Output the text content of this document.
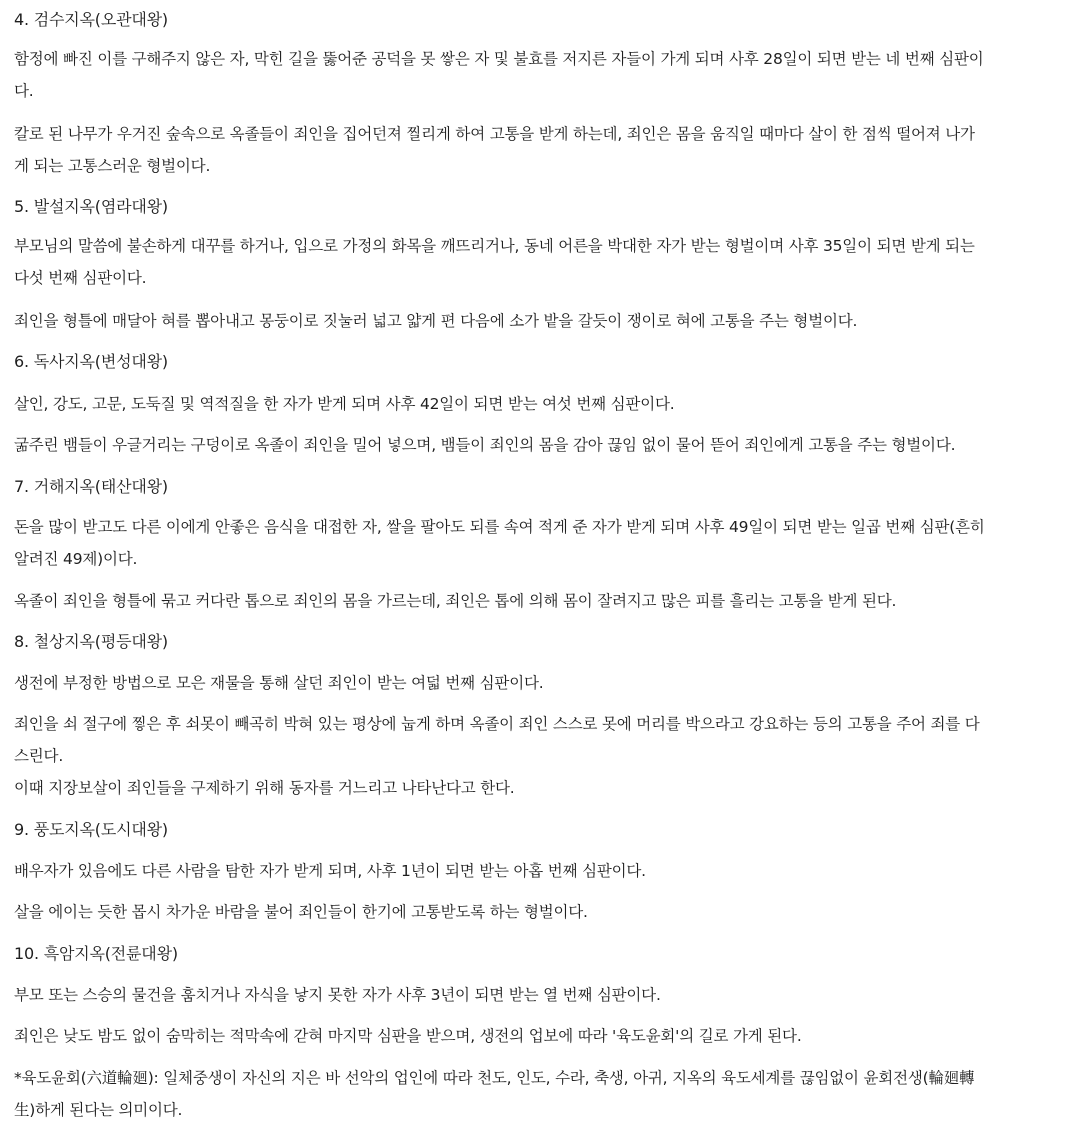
4. 검수지옥(오관대왕)
함정에 빠진 이를 구해주지 않은 자, 막힌 길을 뚫어준 공덕을 못 쌓은 자 및 불효를 저지른 자들이 가게 되며 사후 28일이 되면 받는 네 번째 심판이
다.
칼로 된 나무가 우거진 숲속으로 옥졸들이 죄인을 집어던져 찔리게 하여 고통을 받게 하는데, 죄인은 몸을 움직일 때마다 살이 한 점씩 떨어져 나가
게 되는 고통스러운 형벌이다.
5. 발설지옥(염라대왕)
부모님의 말씀에 불손하게 대꾸를 하거나, 입으로 가정의 화목을 깨뜨리거나, 동네 어른을 박대한 자가 받는 형벌이며 사후 35일이 되면 받게 되는
다섯 번째 심판이다.
죄인을 형틀에 매달아 혀를 뽑아내고 몽둥이로 짓눌러 넓고 얇게 편 다음에 소가 밭을 갈듯이 쟁이로 혀에 고통을 주는 형벌이다.
6. 독사지옥(변성대왕)
살인, 강도, 고문, 도둑질 및 역적질을 한 자가 받게 되며 사후 42일이 되면 받는 여섯 번째 심판이다.
굶주린 뱀들이 우글거리는 구덩이로 옥졸이 죄인을 밀어 넣으며, 뱀들이 죄인의 몸을 감아 끊임 없이 물어 뜯어 죄인에게 고통을 주는 형벌이다.
7. 거해지옥(태산대왕)
돈을 많이 받고도 다른 이에게 안좋은 음식을 대접한 자, 쌀을 팔아도 되를 속여 적게 준 자가 받게 되며 사후 49일이 되면 받는 일곱 번째 심판(흔히
알려진 49제)이다.
옥졸이 죄인을 형틀에 묶고 커다란 톱으로 죄인의 몸을 가르는데, 죄인은 톱에 의해 몸이 잘려지고 많은 피를 흘리는 고통을 받게 된다.
8. 철상지옥(평등대왕)
생전에 부정한 방법으로 모은 재물을 통해 살던 죄인이 받는 여덟 번째 심판이다.
죄인을 쇠 절구에 찧은 후 쇠못이 빼곡히 박혀 있는 평상에 눕게 하며 옥졸이 죄인 스스로 못에 머리를 박으라고 강요하는 등의 고통을 주어 죄를 다
스린다.
이때 지장보살이 죄인들을 구제하기 위해 동자를 거느리고 나타난다고 한다.
9. 풍도지옥(도시대왕)
배우자가 있음에도 다른 사람을 탐한 자가 받게 되며, 사후 1년이 되면 받는 아홉 번째 심판이다.
살을 에이는 듯한 몹시 차가운 바람을 불어 죄인들이 한기에 고통받도록 하는 형벌이다.
10. 흑암지옥(전륜대왕)
부모 또는 스승의 물건을 훔치거나 자식을 낳지 못한 자가 사후 3년이 되면 받는 열 번째 심판이다.
죄인은 낮도 밤도 없이 숨막히는 적막속에 갇혀 마지막 심판을 받으며, 생전의 업보에 따라 '육도윤회'의 길로 가게 된다.
*육도윤회(六道輪廻): 일체중생이 자신의 지은 바 선악의 업인에 따라 천도, 인도, 수라, 축생, 아귀, 지옥의 육도세계를 끊임없이 윤회전생(輪廻轉
生)하게 된다는 의미이다.
